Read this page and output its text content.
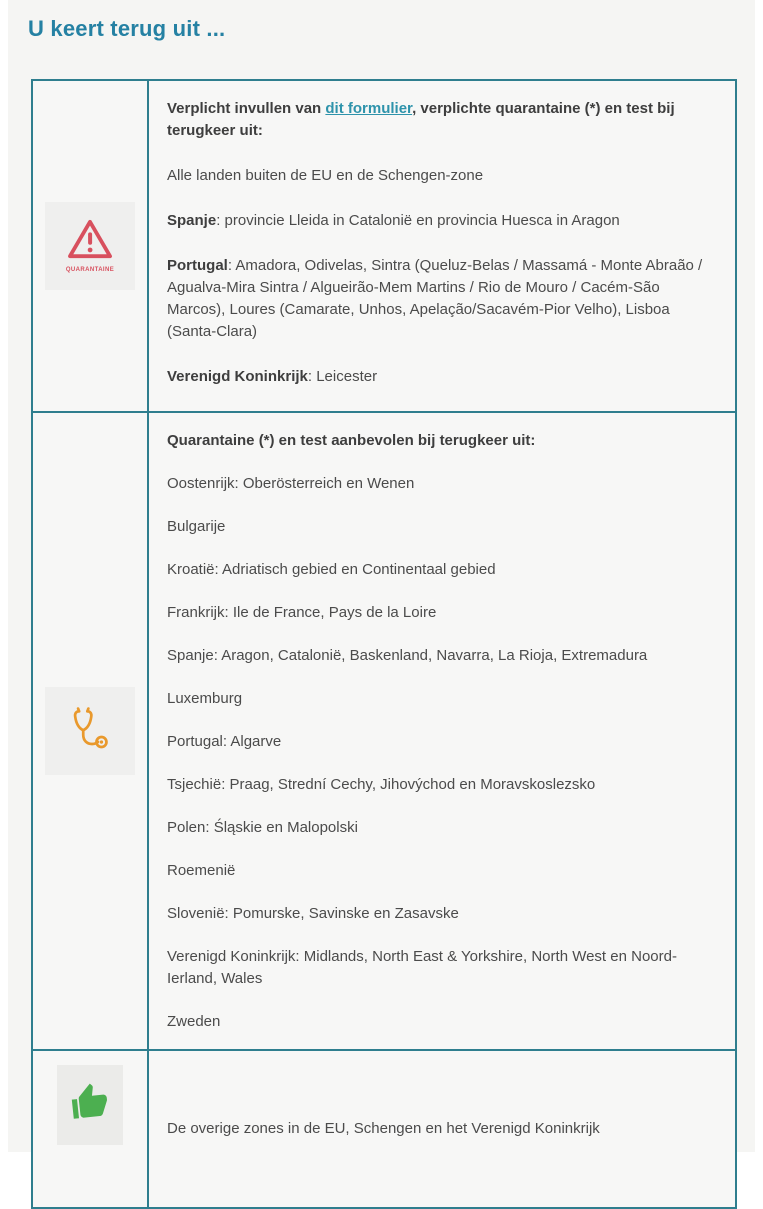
U keert terug uit ...
QUARANTAINE	Verplicht invullen van dit formulier, verplichte quarantaine (*) en test bij terugkeer uit:

Alle landen buiten de EU en de Schengen-zone

Spanje: provincie Lleida in Catalonië en provincia Huesca in Aragon

Portugal: Amadora, Odivelas, Sintra (Queluz-Belas / Massamá - Monte Abraão / Agualva-Mira Sintra / Algueirão-Mem Martins / Rio de Mouro / Cacém-São Marcos), Loures (Camarate, Unhos, Apelação/Sacavém-Pior Velho), Lisboa (Santa-Clara)

Verenigd Koninkrijk: Leicester

Quarantaine (*) en test aanbevolen bij terugkeer uit:

Oostenrijk: Oberösterreich en Wenen

Bulgarije

Kroatië: Adriatisch gebied en Continentaal gebied

Frankrijk: Ile de France, Pays de la Loire

Spanje: Aragon, Catalonië, Baskenland, Navarra, La Rioja, Extremadura

Luxemburg

Portugal: Algarve

Tsjechië: Praag, Strední Cechy, Jihovýchod en Moravskoslezsko

Polen: Śląskie en Malopolski

Roemenië

Slovenië: Pomurske, Savinske en Zasavske

Verenigd Koninkrijk: Midlands, North East & Yorkshire, North West en Noord-Ierland, Wales

Zweden

De overige zones in de EU, Schengen en het Verenigd Koninkrijk
